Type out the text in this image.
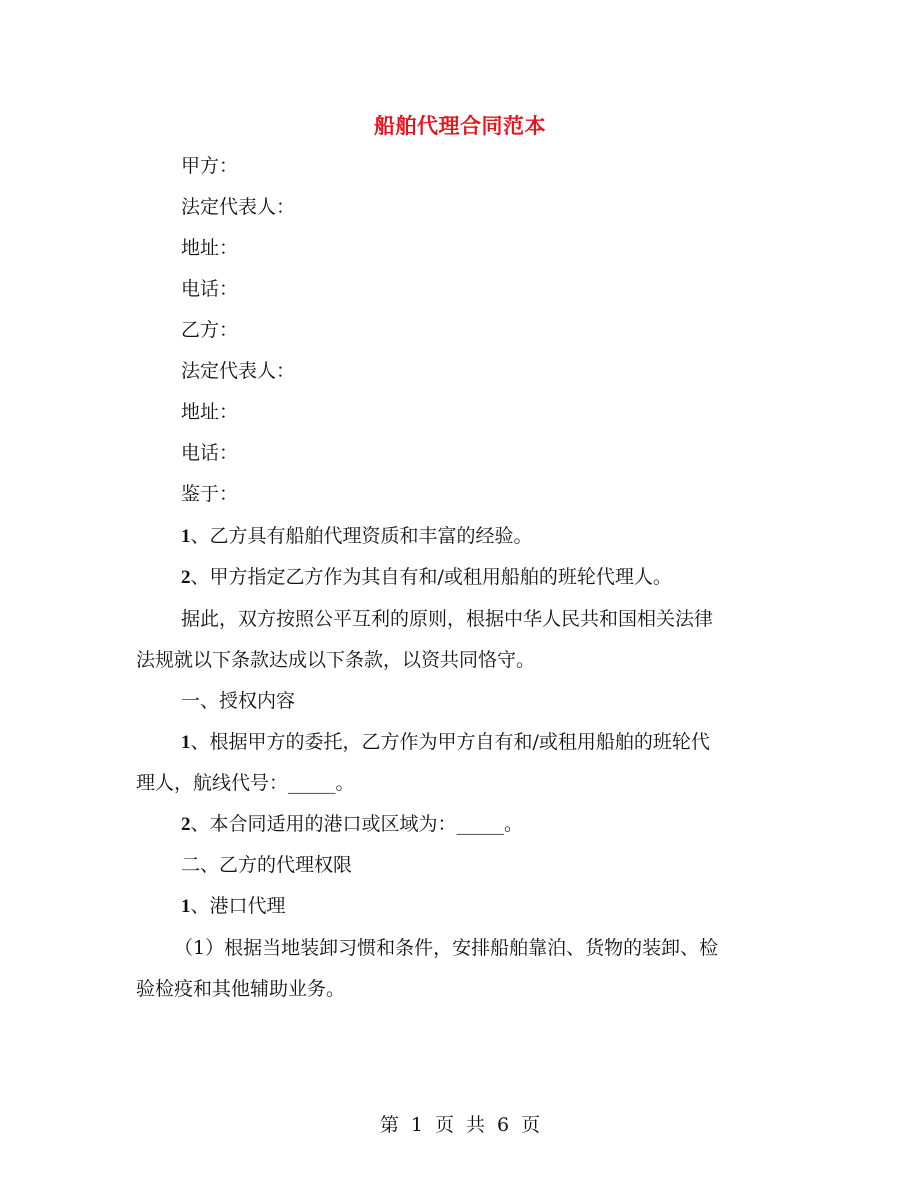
船舶代理合同范本
甲方：
法定代表人：
地址：
电话：
乙方：
法定代表人：
地址：
电话：
鉴于：
1、乙方具有船舶代理资质和丰富的经验。
2、甲方指定乙方作为其自有和/或租用船舶的班轮代理人。
据此，双方按照公平互利的原则，根据中华人民共和国相关法律
法规就以下条款达成以下条款，以资共同恪守。
一、授权内容
1、根据甲方的委托，乙方作为甲方自有和/或租用船舶的班轮代
理人，航线代号：_____。
2、本合同适用的港口或区域为：_____。
二、乙方的代理权限
1、港口代理
（1）根据当地装卸习惯和条件，安排船舶靠泊、货物的装卸、检
验检疫和其他辅助业务。
第 1 页 共 6 页
